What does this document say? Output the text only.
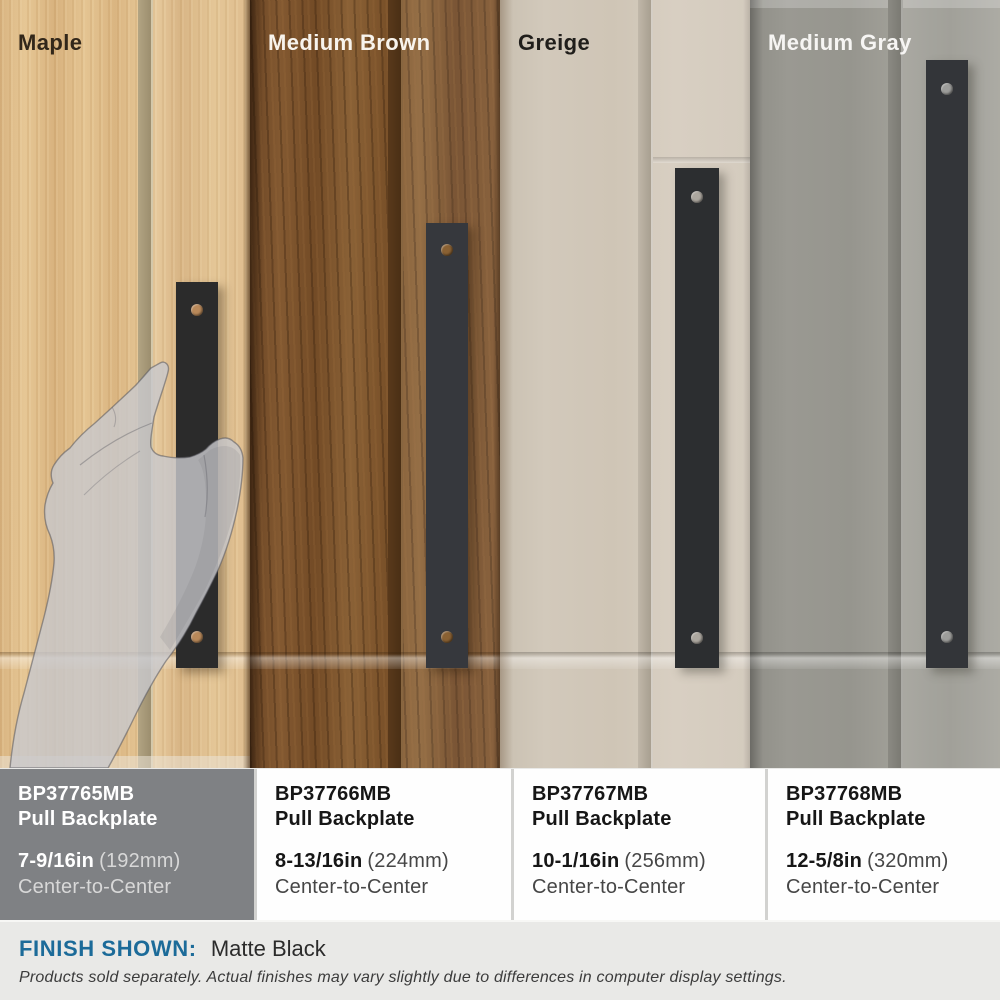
Maple	Medium Brown	Greige	Medium Gray
BP37765MB
Pull Backplate
7-9/16in (192mm)
Center-to-Center
BP37766MB
Pull Backplate
8-13/16in (224mm)
Center-to-Center
BP37767MB
Pull Backplate
10-1/16in (256mm)
Center-to-Center
BP37768MB
Pull Backplate
12-5/8in (320mm)
Center-to-Center
FINISH SHOWN: Matte Black
Products sold separately. Actual finishes may vary slightly due to differences in computer display settings.
